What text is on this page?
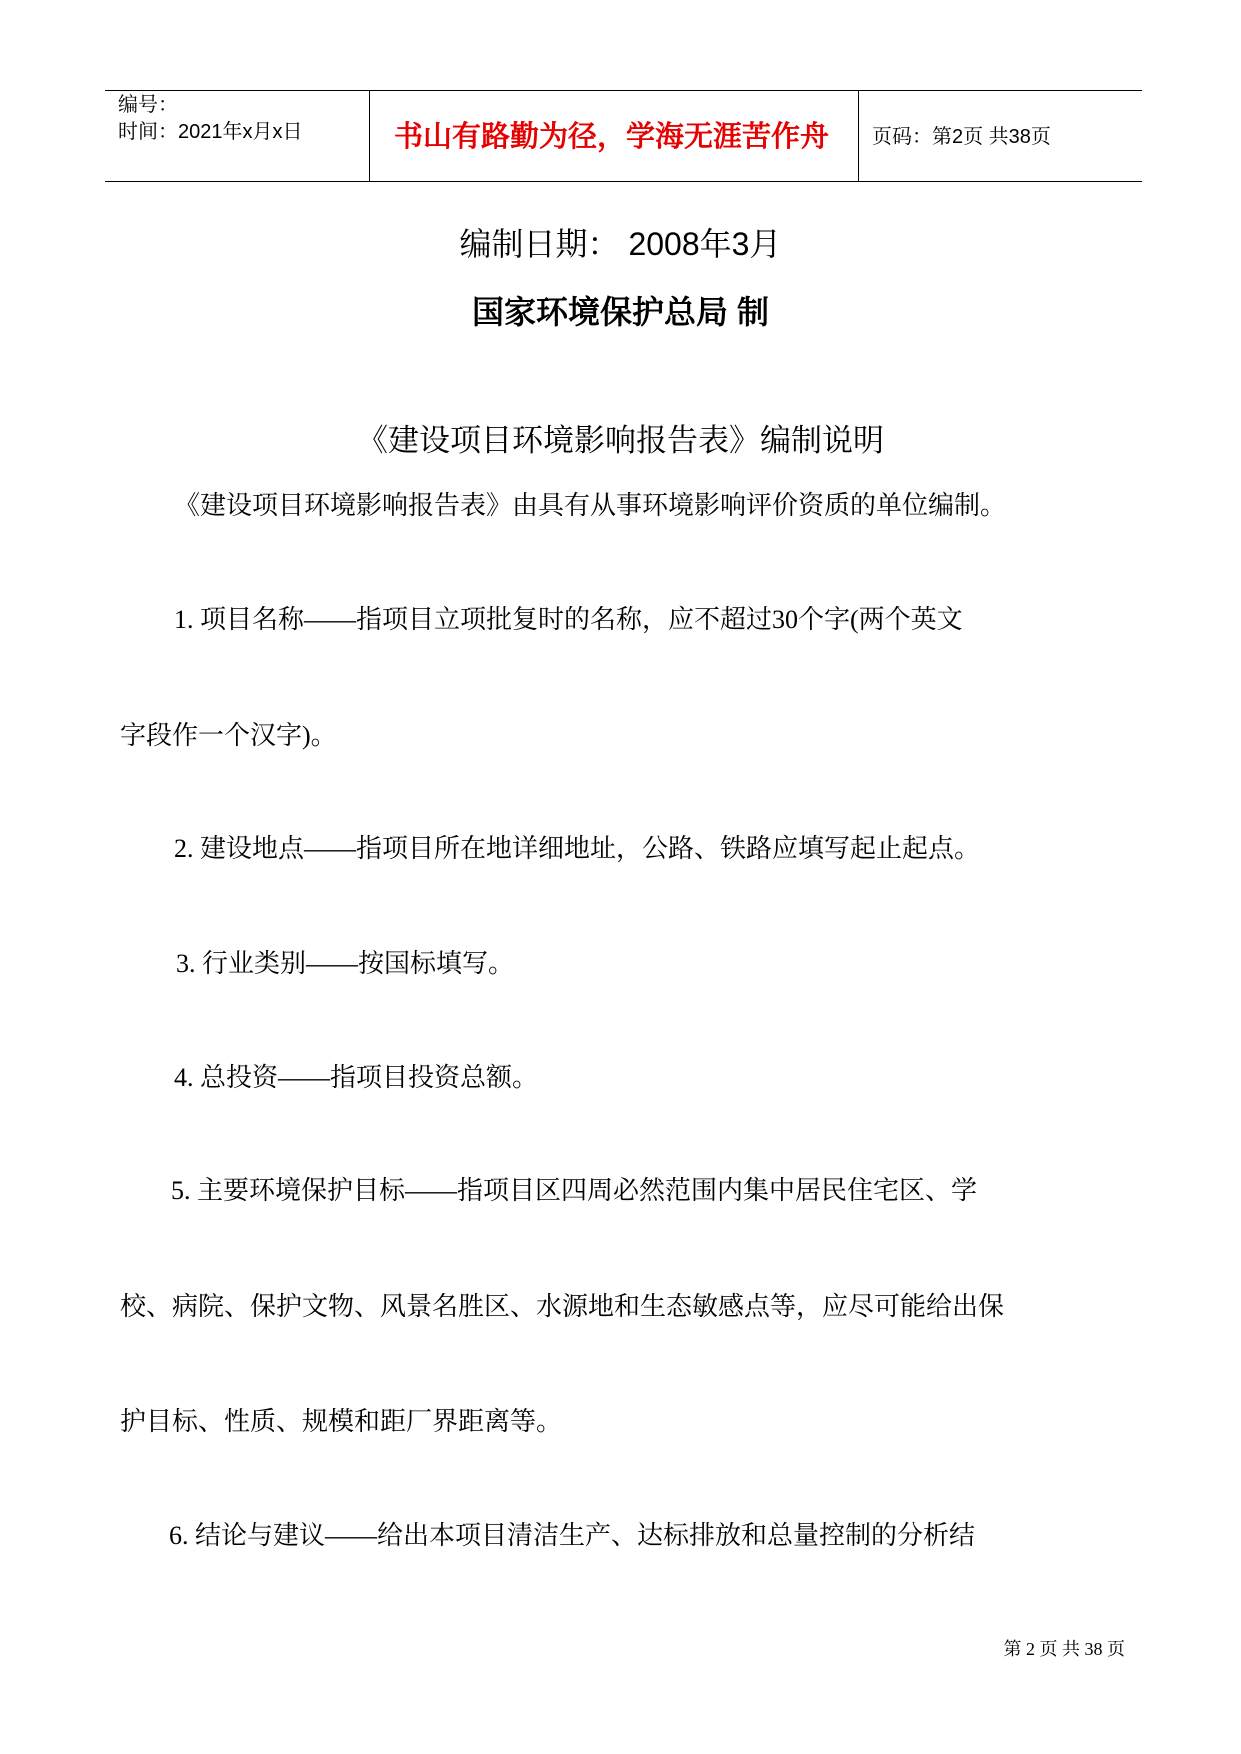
编号：
时间：2021年x月x日	书山有路勤为径，学海无涯苦作舟 页码：第2页 共38页
编制日期： 2008年3月
国家环境保护总局 制
《建设项目环境影响报告表》编制说明
《建设项目环境影响报告表》由具有从事环境影响评价资质的单位编制。
1. 项目名称——指项目立项批复时的名称，应不超过30个字(两个英文
字段作一个汉字)。
2. 建设地点——指项目所在地详细地址，公路、铁路应填写起止起点。
3. 行业类别——按国标填写。
4. 总投资——指项目投资总额。
5. 主要环境保护目标——指项目区四周必然范围内集中居民住宅区、学
校、病院、保护文物、风景名胜区、水源地和生态敏感点等，应尽可能给出保
护目标、性质、规模和距厂界距离等。
6. 结论与建议——给出本项目清洁生产、达标排放和总量控制的分析结
第 2 页 共 38 页
